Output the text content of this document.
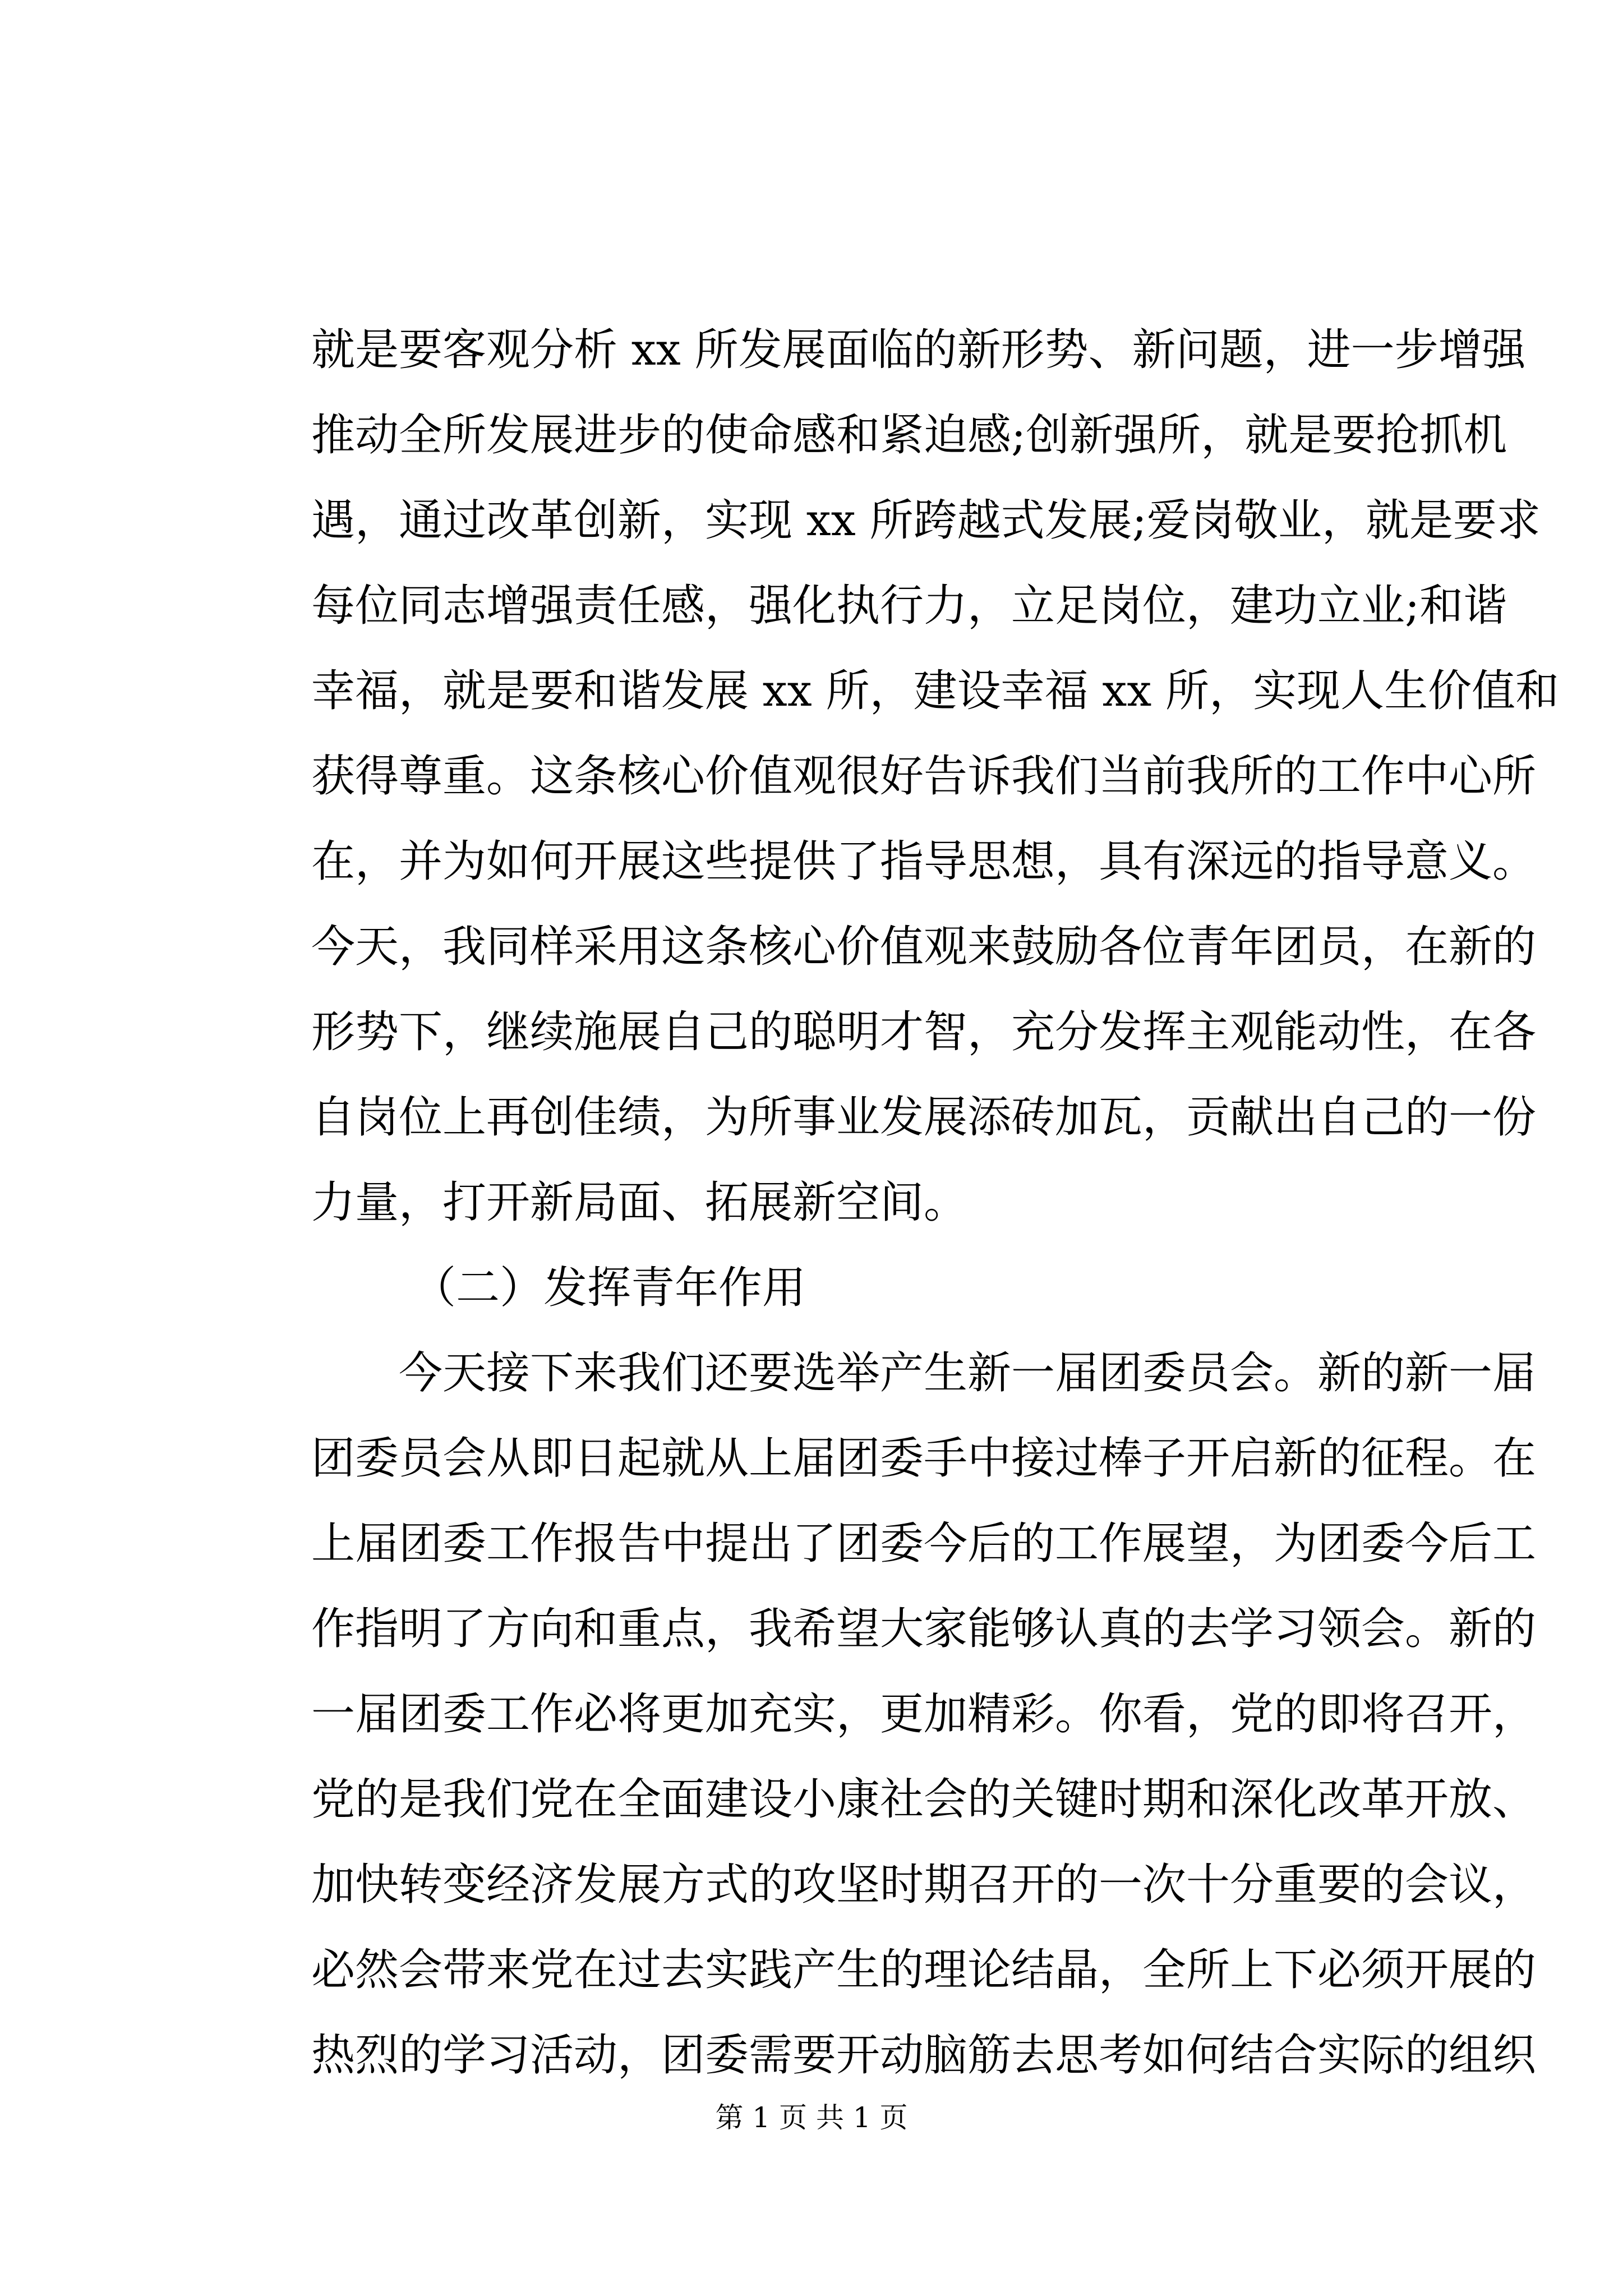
就是要客观分析 xx 所发展面临的新形势、新问题，进一步增强
推动全所发展进步的使命感和紧迫感;创新强所，就是要抢抓机
遇，通过改革创新，实现 xx 所跨越式发展;爱岗敬业，就是要求
每位同志增强责任感，强化执行力，立足岗位，建功立业;和谐
幸福，就是要和谐发展 xx 所，建设幸福 xx 所，实现人生价值和
获得尊重。这条核心价值观很好告诉我们当前我所的工作中心所
在，并为如何开展这些提供了指导思想，具有深远的指导意义。
今天，我同样采用这条核心价值观来鼓励各位青年团员，在新的
形势下，继续施展自己的聪明才智，充分发挥主观能动性，在各
自岗位上再创佳绩，为所事业发展添砖加瓦，贡献出自己的一份
力量，打开新局面、拓展新空间。
（二）发挥青年作用
今天接下来我们还要选举产生新一届团委员会。新的新一届
团委员会从即日起就从上届团委手中接过棒子开启新的征程。在
上届团委工作报告中提出了团委今后的工作展望，为团委今后工
作指明了方向和重点，我希望大家能够认真的去学习领会。新的
一届团委工作必将更加充实，更加精彩。你看，党的即将召开，
党的是我们党在全面建设小康社会的关键时期和深化改革开放、
加快转变经济发展方式的攻坚时期召开的一次十分重要的会议，
必然会带来党在过去实践产生的理论结晶，全所上下必须开展的
热烈的学习活动，团委需要开动脑筋去思考如何结合实际的组织
第 1 页 共 1 页
